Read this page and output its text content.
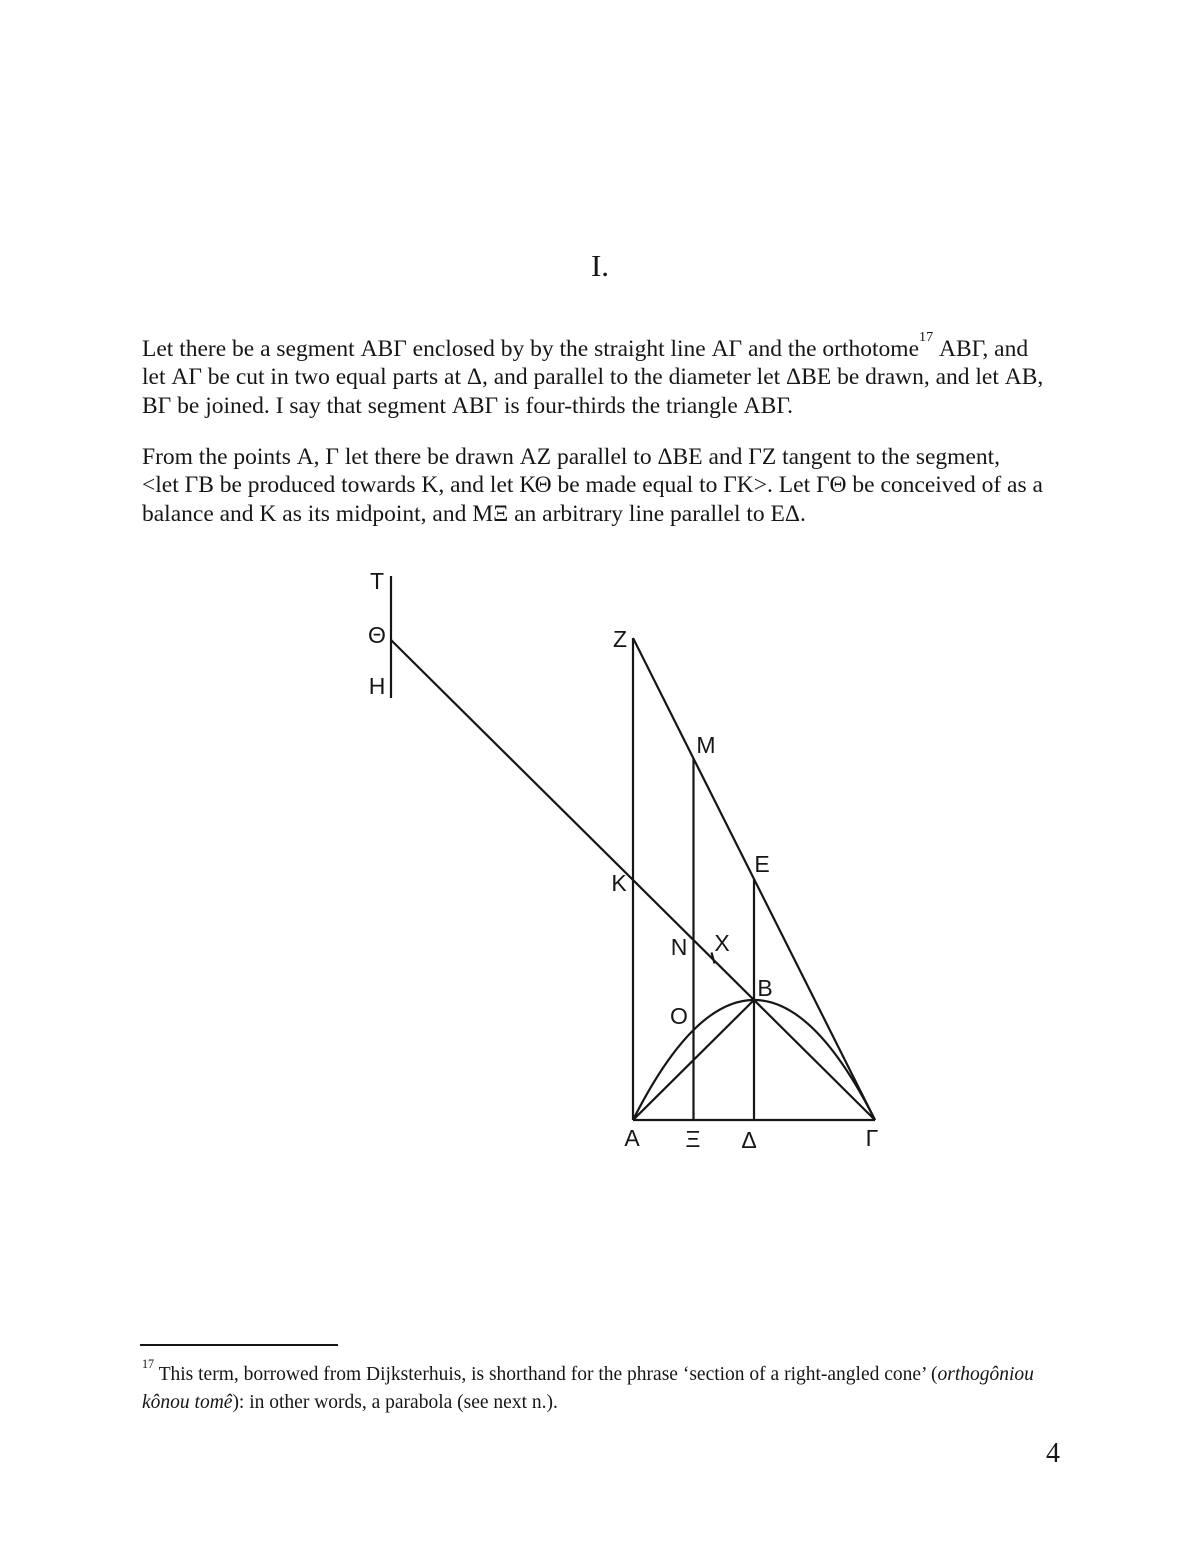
I.
Let there be a segment ΑΒΓ enclosed by by the straight line ΑΓ and the orthotome$^{17}$ ΑΒΓ, and
let ΑΓ be cut in two equal parts at Δ, and parallel to the diameter let ΔΒΕ be drawn, and let ΑΒ,
ΒΓ be joined. I say that segment ΑΒΓ is four-thirds the triangle ΑΒΓ.
From the points Α, Γ let there be drawn ΑΖ parallel to ΔΒΕ and ΓΖ tangent to the segment,
<let ΓΒ be produced towards Κ, and let ΚΘ be made equal to ΓΚ>. Let ΓΘ be conceived of as a
balance and Κ as its midpoint, and ΜΞ an arbitrary line parallel to ΕΔ.
Τ
Θ
Η
Ζ
Μ
Ε
Κ
Ν Χ
Β
Ο
Α Ξ Δ	Γ
$^{17}$ This term, borrowed from Dijksterhuis, is shorthand for the phrase ‘section of a right-angled cone’ (orthogôniou
kônou tomê): in other words, a parabola (see next n.).
4
